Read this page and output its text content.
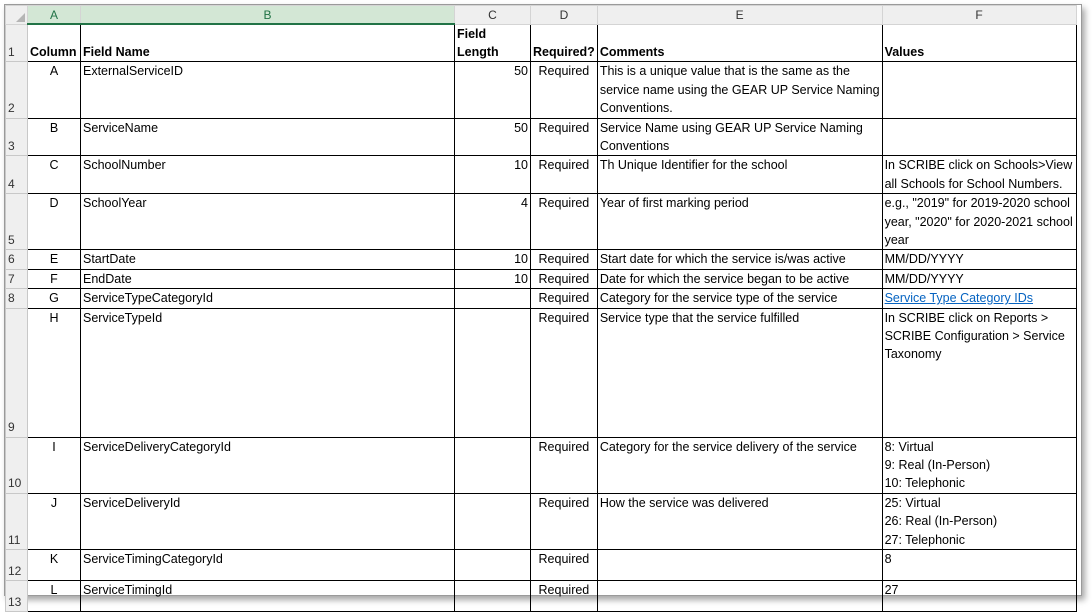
	A	B	C	D	E	F
1	Column	Field Name	Field Length	Required?	Comments	Values
2	A	ExternalServiceID	50	Required	This is a unique value that is the same as the
service name using the GEAR UP Service Naming
Conventions.	

3	B	ServiceName	50	Required	Service Name using GEAR UP Service Naming
Conventions	

4	C	SchoolNumber	10	Required	Th Unique Identifier for the school	In SCRIBE click on Schools>View
all Schools for School Numbers.

5	D	SchoolYear	4	Required	Year of first marking period	e.g., "2019" for 2019-2020 school
year, "2020" for 2020-2021 school
year

6	E	StartDate	10	Required	Start date for which the service is/was active	MM/DD/YYYY

7	F	EndDate	10	Required	Date for which the service began to be active	MM/DD/YYYY

8	G	ServiceTypeCategoryId		Required	Category for the service type of the service	Service Type Category IDs
9	H	ServiceTypeId		Required	Service type that the service fulfilled	In SCRIBE click on Reports >
SCRIBE Configuration > Service
Taxonomy

10	I	ServiceDeliveryCategoryId		Required	Category for the service delivery of the service	8: Virtual
9: Real (In-Person)
10: Telephonic

11	J	ServiceDeliveryId		Required	How the service was delivered	25: Virtual
26: Real (In-Person)
27: Telephonic

12	K	ServiceTimingCategoryId		Required		8

13	L	ServiceTimingId		Required		27
